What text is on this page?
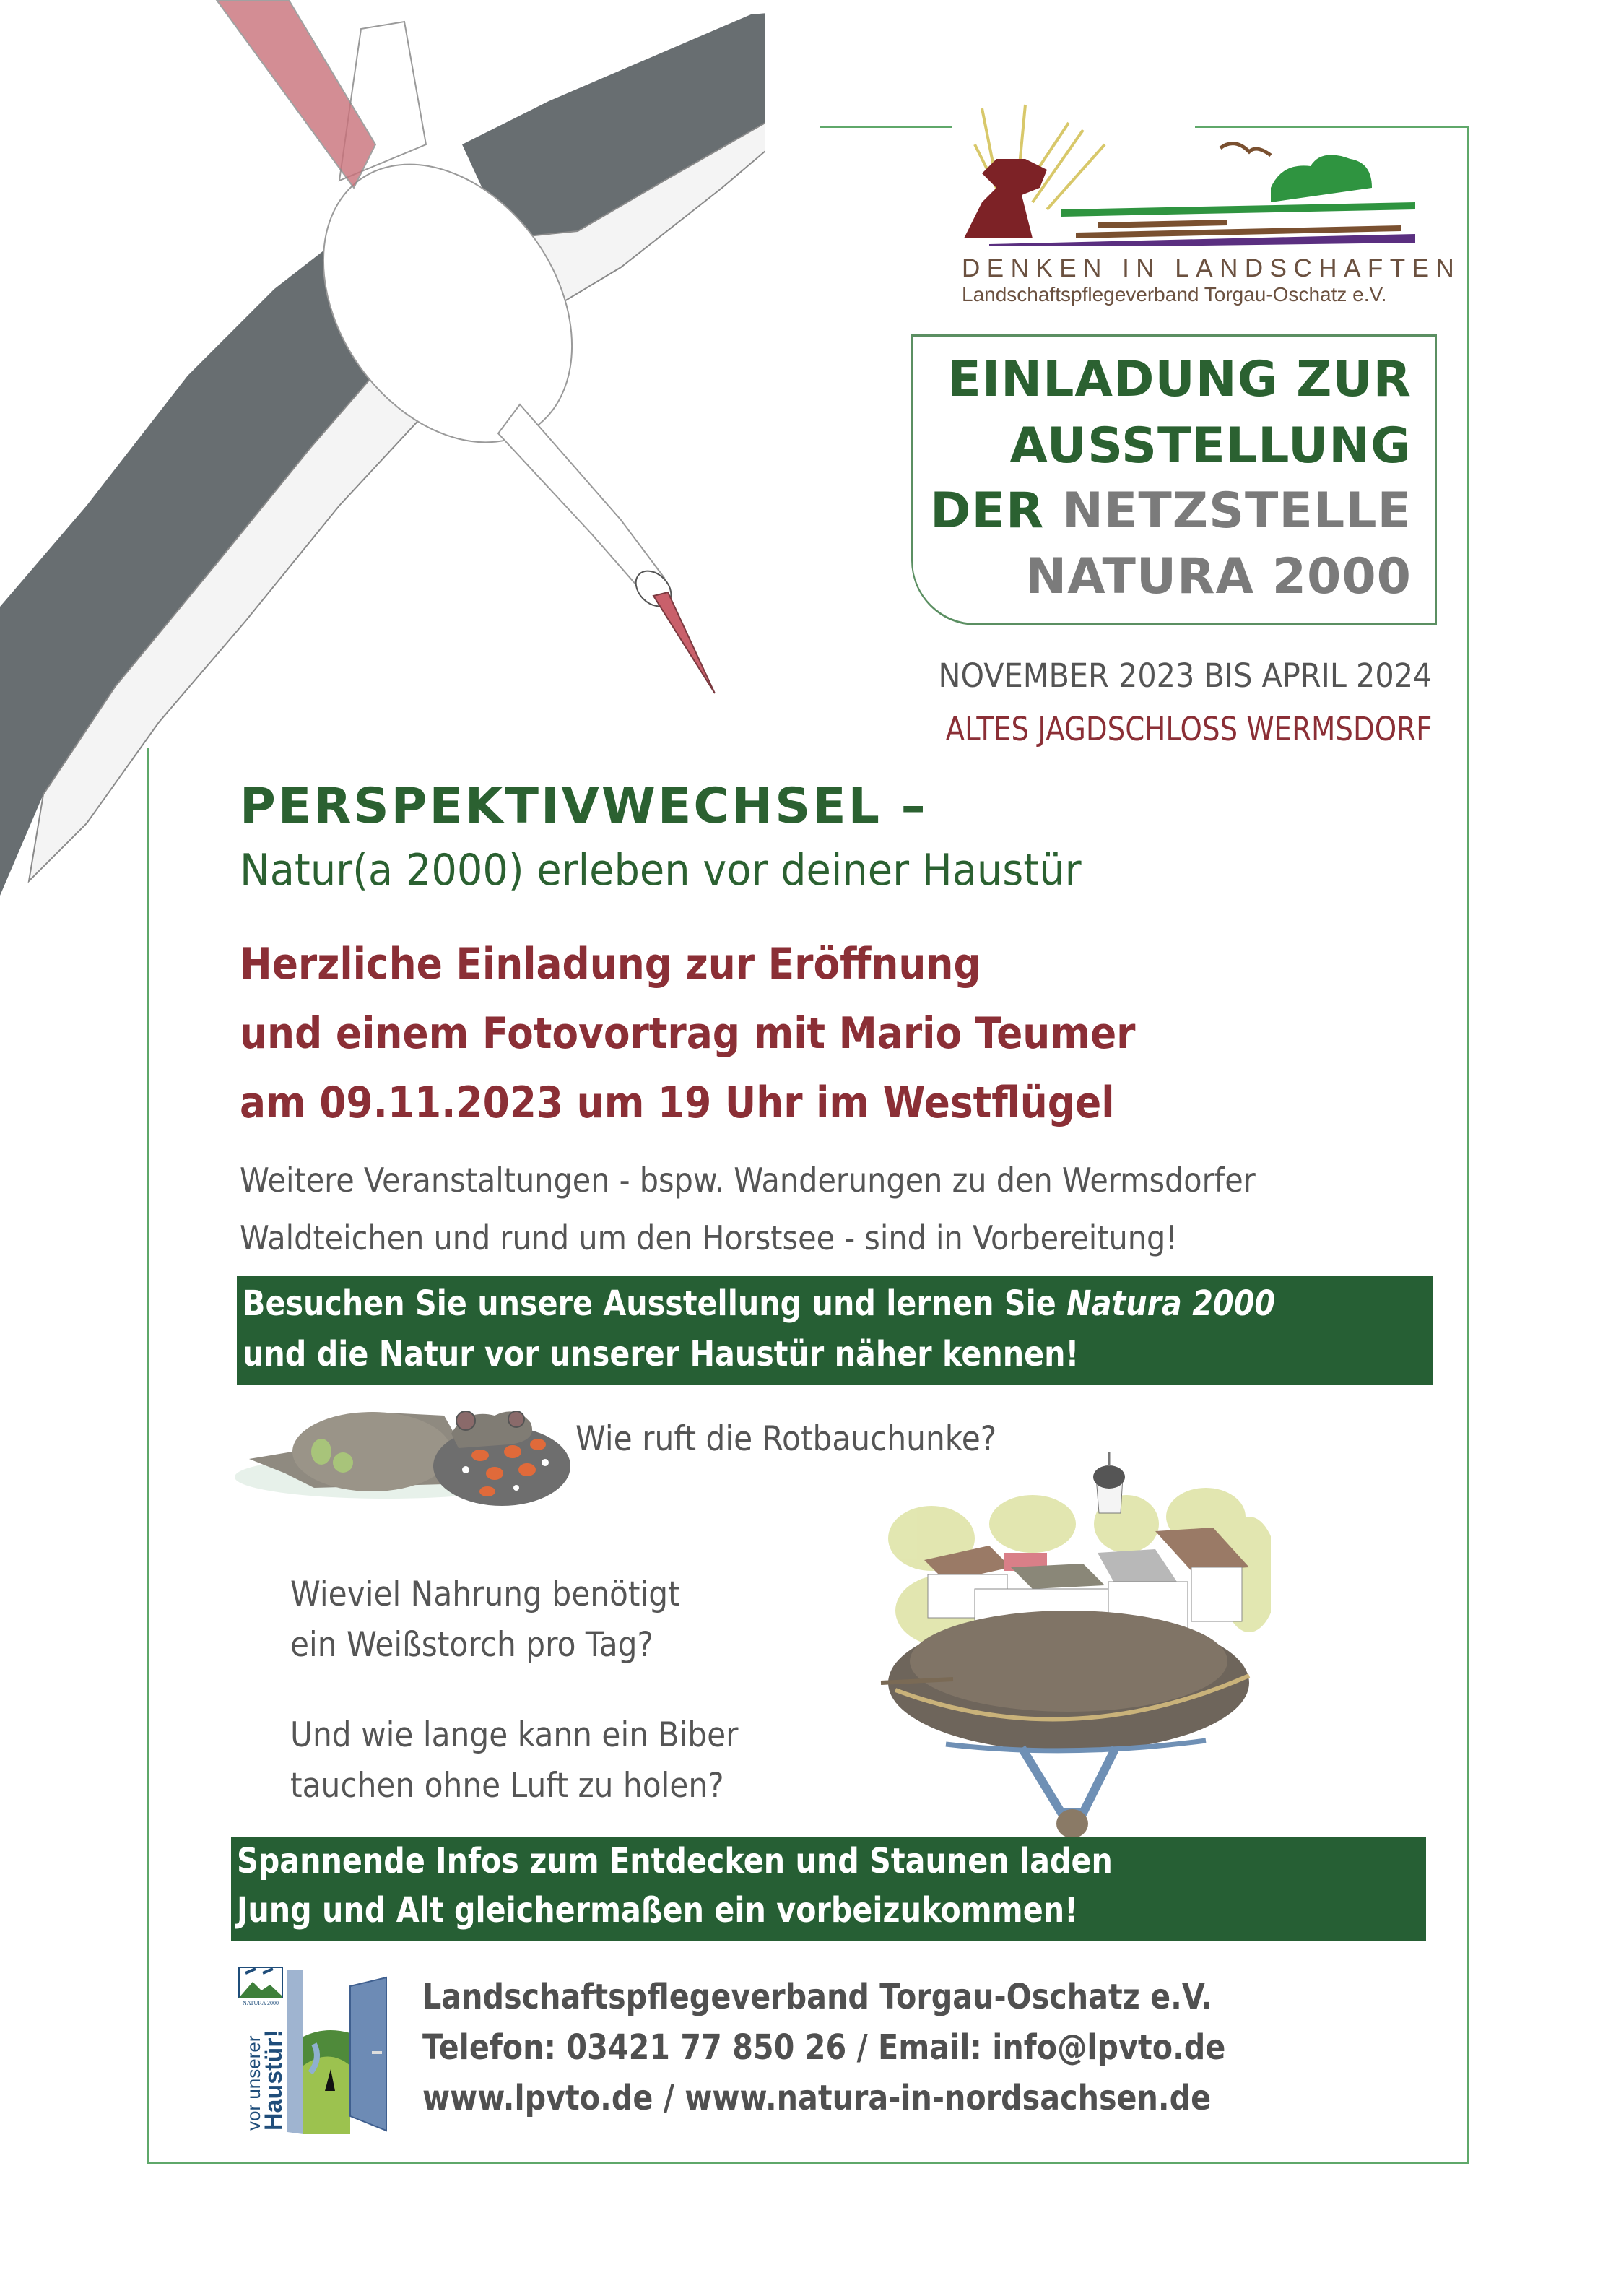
DENKEN IN LANDSCHAFTEN
Landschaftspflegeverband Torgau-Oschatz e.V.
EINLADUNG ZUR
AUSSTELLUNG
DER NETZSTELLE
NATURA 2000
NOVEMBER 2023 BIS APRIL 2024
ALTES JAGDSCHLOSS WERMSDORF
PERSPEKTIVWECHSEL –
Natur(a 2000) erleben vor deiner Haustür
Herzliche Einladung zur Eröffnung
und einem Fotovortrag mit Mario Teumer
am 09.11.2023 um 19 Uhr im Westflügel
Weitere Veranstaltungen - bspw. Wanderungen zu den Wermsdorfer
Waldteichen und rund um den Horstsee - sind in Vorbereitung!
Besuchen Sie unsere Ausstellung und lernen Sie Natura 2000
und die Natur vor unserer Haustür näher kennen!
Wie ruft die Rotbauchunke?
Wieviel Nahrung benötigt
ein Weißstorch pro Tag?
Und wie lange kann ein Biber
tauchen ohne Luft zu holen?
Spannende Infos zum Entdecken und Staunen laden
Jung und Alt gleichermaßen ein vorbeizukommen!
NATURA 2000
vor unserer
Haustür!
Landschaftspflegeverband Torgau-Oschatz e.V.
Telefon: 03421 77 850 26 / Email: info@lpvto.de
www.lpvto.de / www.natura-in-nordsachsen.de
